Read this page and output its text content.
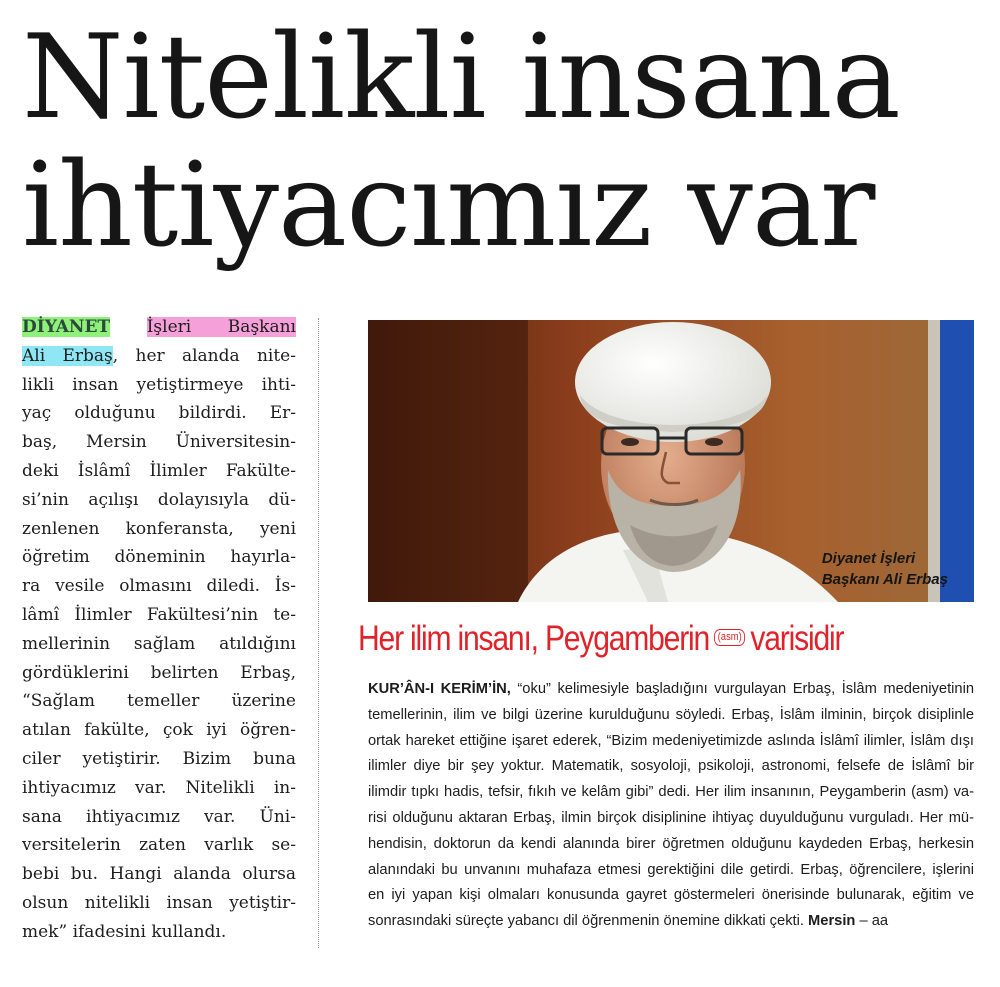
Nitelikli insana
ihtiyacımız var
DİYANET İşleri Başkanı
Ali Erbaş, her alanda nite-
likli insan yetiştirmeye ihti-
yaç olduğunu bildirdi. Er-
baş, Mersin Üniversitesin-
deki İslâmî İlimler Fakülte-
si’nin açılışı dolayısıyla dü-
zenlenen konferansta, yeni
öğretim döneminin hayırla-
ra vesile olmasını diledi. İs-
lâmî İlimler Fakültesi’nin te-
mellerinin sağlam atıldığını
gördüklerini belirten Erbaş,
“Sağlam temeller üzerine
atılan fakülte, çok iyi öğren-
ciler yetiştirir. Bizim buna
ihtiyacımız var. Nitelikli in-
sana ihtiyacımız var. Üni-
versitelerin zaten varlık se-
bebi bu. Hangi alanda olursa
olsun nitelikli insan yetiştir-
mek” ifadesini kullandı.
Diyanet İşleri
Başkanı Ali Erbaş
Her ilim insanı, Peygamberin (asm) varisidir
KUR’ÂN-I KERİM’İN, “oku” kelimesiyle başladığını vurgulayan Erbaş, İslâm medeniyetinin
temellerinin, ilim ve bilgi üzerine kurulduğunu söyledi. Erbaş, İslâm ilminin, birçok disiplinle
ortak hareket ettiğine işaret ederek, “Bizim medeniyetimizde aslında İslâmî ilimler, İslâm dışı
ilimler diye bir şey yoktur. Matematik, sosyoloji, psikoloji, astronomi, felsefe de İslâmî bir
ilimdir tıpkı hadis, tefsir, fıkıh ve kelâm gibi” dedi. Her ilim insanının, Peygamberin (asm) va-
risi olduğunu aktaran Erbaş, ilmin birçok disiplinine ihtiyaç duyulduğunu vurguladı. Her mü-
hendisin, doktorun da kendi alanında birer öğretmen olduğunu kaydeden Erbaş, herkesin
alanındaki bu unvanını muhafaza etmesi gerektiğini dile getirdi. Erbaş, öğrencilere, işlerini
en iyi yapan kişi olmaları konusunda gayret göstermeleri önerisinde bulunarak, eğitim ve
sonrasındaki süreçte yabancı dil öğrenmenin önemine dikkati çekti. Mersin – aa
